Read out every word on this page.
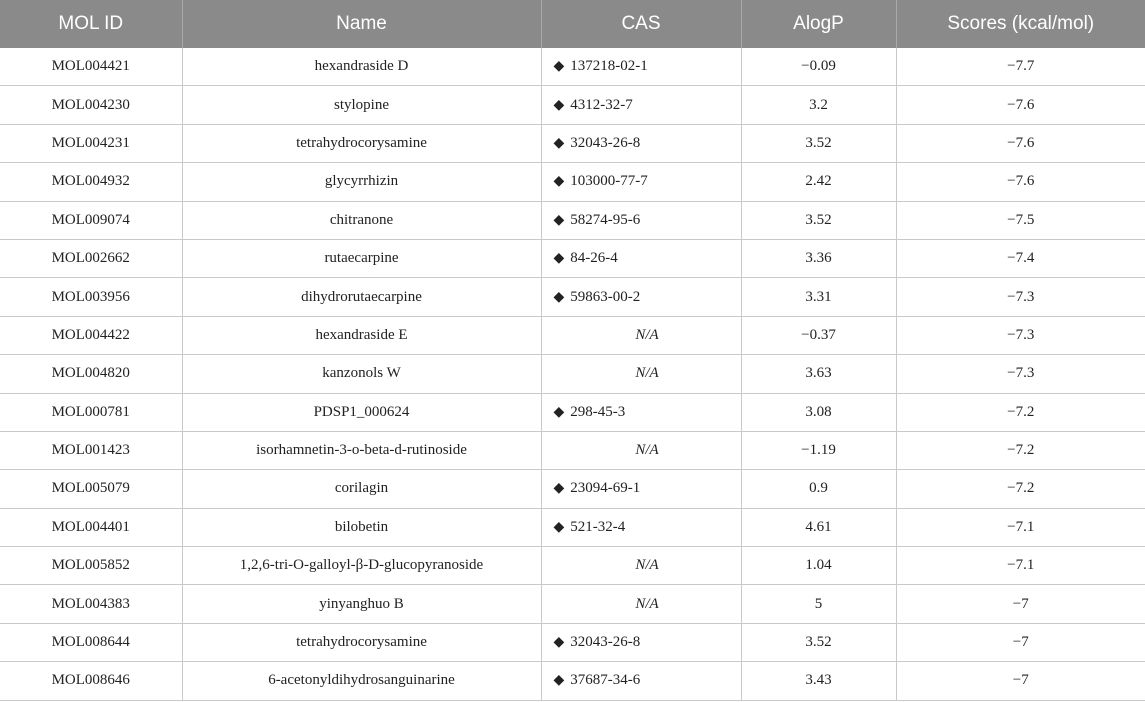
MOL ID	Name	CAS	AlogP	Scores (kcal/mol)
MOL004421	hexandraside D	◆ 137218-02-1	−0.09	−7.7
MOL004230	stylopine	◆ 4312-32-7	3.2	−7.6
MOL004231	tetrahydrocorysamine	◆ 32043-26-8	3.52	−7.6
MOL004932	glycyrrhizin	◆ 103000-77-7	2.42	−7.6
MOL009074	chitranone	◆ 58274-95-6	3.52	−7.5
MOL002662	rutaecarpine	◆ 84-26-4	3.36	−7.4
MOL003956	dihydrorutaecarpine	◆ 59863-00-2	3.31	−7.3
MOL004422	hexandraside E	N/A	−0.37	−7.3
MOL004820	kanzonols W	N/A	3.63	−7.3
MOL000781	PDSP1_000624	◆ 298-45-3	3.08	−7.2
MOL001423	isorhamnetin-3-o-beta-d-rutinoside	N/A	−1.19	−7.2
MOL005079	corilagin	◆ 23094-69-1	0.9	−7.2
MOL004401	bilobetin	◆ 521-32-4	4.61	−7.1
MOL005852	1,2,6-tri-O-galloyl-β-D-glucopyranoside	N/A	1.04	−7.1
MOL004383	yinyanghuo B	N/A	5	−7
MOL008644	tetrahydrocorysamine	◆ 32043-26-8	3.52	−7
MOL008646	6-acetonyldihydrosanguinarine	◆ 37687-34-6	3.43	−7
